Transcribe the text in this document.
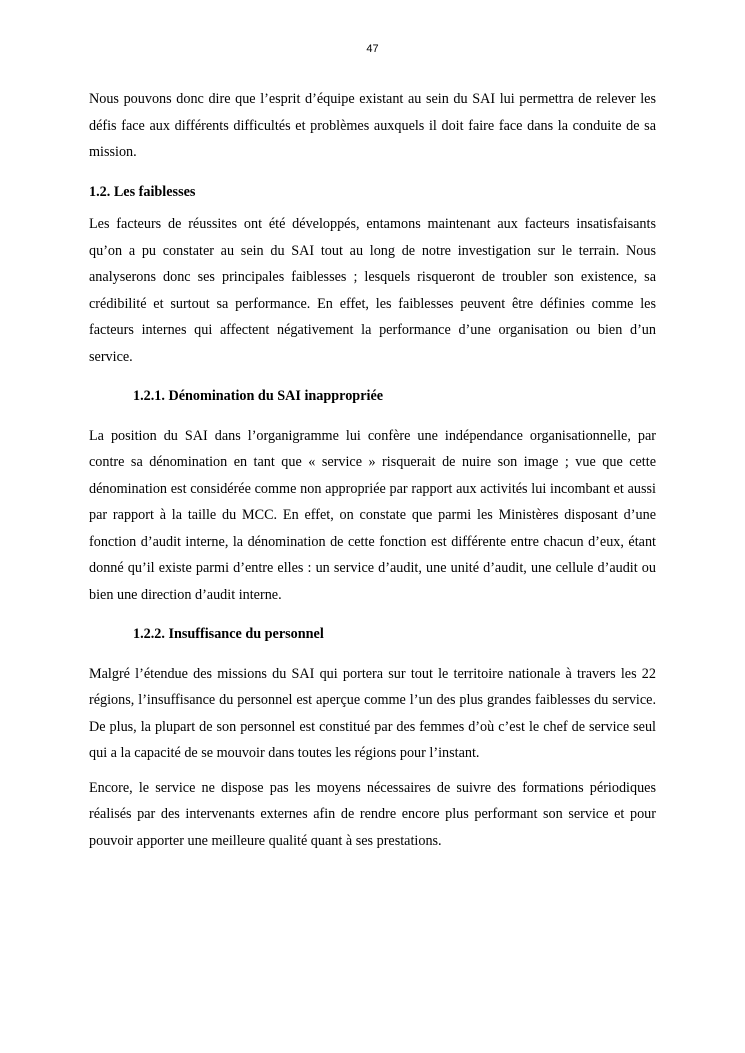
47

Nous pouvons donc dire que l’esprit d’équipe existant au sein du SAI lui permettra de relever les défis face aux différents difficultés et problèmes auxquels il doit faire face dans la conduite de sa mission.

1.2. Les faiblesses

Les facteurs de réussites ont été développés, entamons maintenant aux facteurs insatisfaisants qu’on a pu constater au sein du SAI tout au long de notre investigation sur le terrain. Nous analyserons donc ses principales faiblesses ; lesquels risqueront de troubler son existence, sa crédibilité et surtout sa performance. En effet, les faiblesses peuvent être définies comme les facteurs internes qui affectent négativement la performance d’une organisation ou bien d’un service.

1.2.1. Dénomination du SAI inappropriée

La position du SAI dans l’organigramme lui confère une indépendance organisationnelle, par contre sa dénomination en tant que « service » risquerait de nuire son image ; vue que cette dénomination est considérée comme non appropriée par rapport aux activités lui incombant et aussi par rapport à la taille du MCC. En effet, on constate que parmi les Ministères disposant d’une fonction d’audit interne, la dénomination de cette fonction est différente entre chacun d’eux, étant donné qu’il existe parmi d’entre elles : un service d’audit, une unité d’audit, une cellule d’audit ou bien une direction d’audit interne.

1.2.2. Insuffisance du personnel

Malgré l’étendue des missions du SAI qui portera sur tout le territoire nationale à travers les 22 régions, l’insuffisance du personnel est aperçue comme l’un des plus grandes faiblesses du service. De plus, la plupart de son personnel est constitué par des femmes d’où c’est le chef de service seul qui a la capacité de se mouvoir dans toutes les régions pour l’instant.

Encore, le service ne dispose pas les moyens nécessaires de suivre des formations périodiques réalisés par des intervenants externes afin de rendre encore plus performant son service et pour pouvoir apporter une meilleure qualité quant à ses prestations.
